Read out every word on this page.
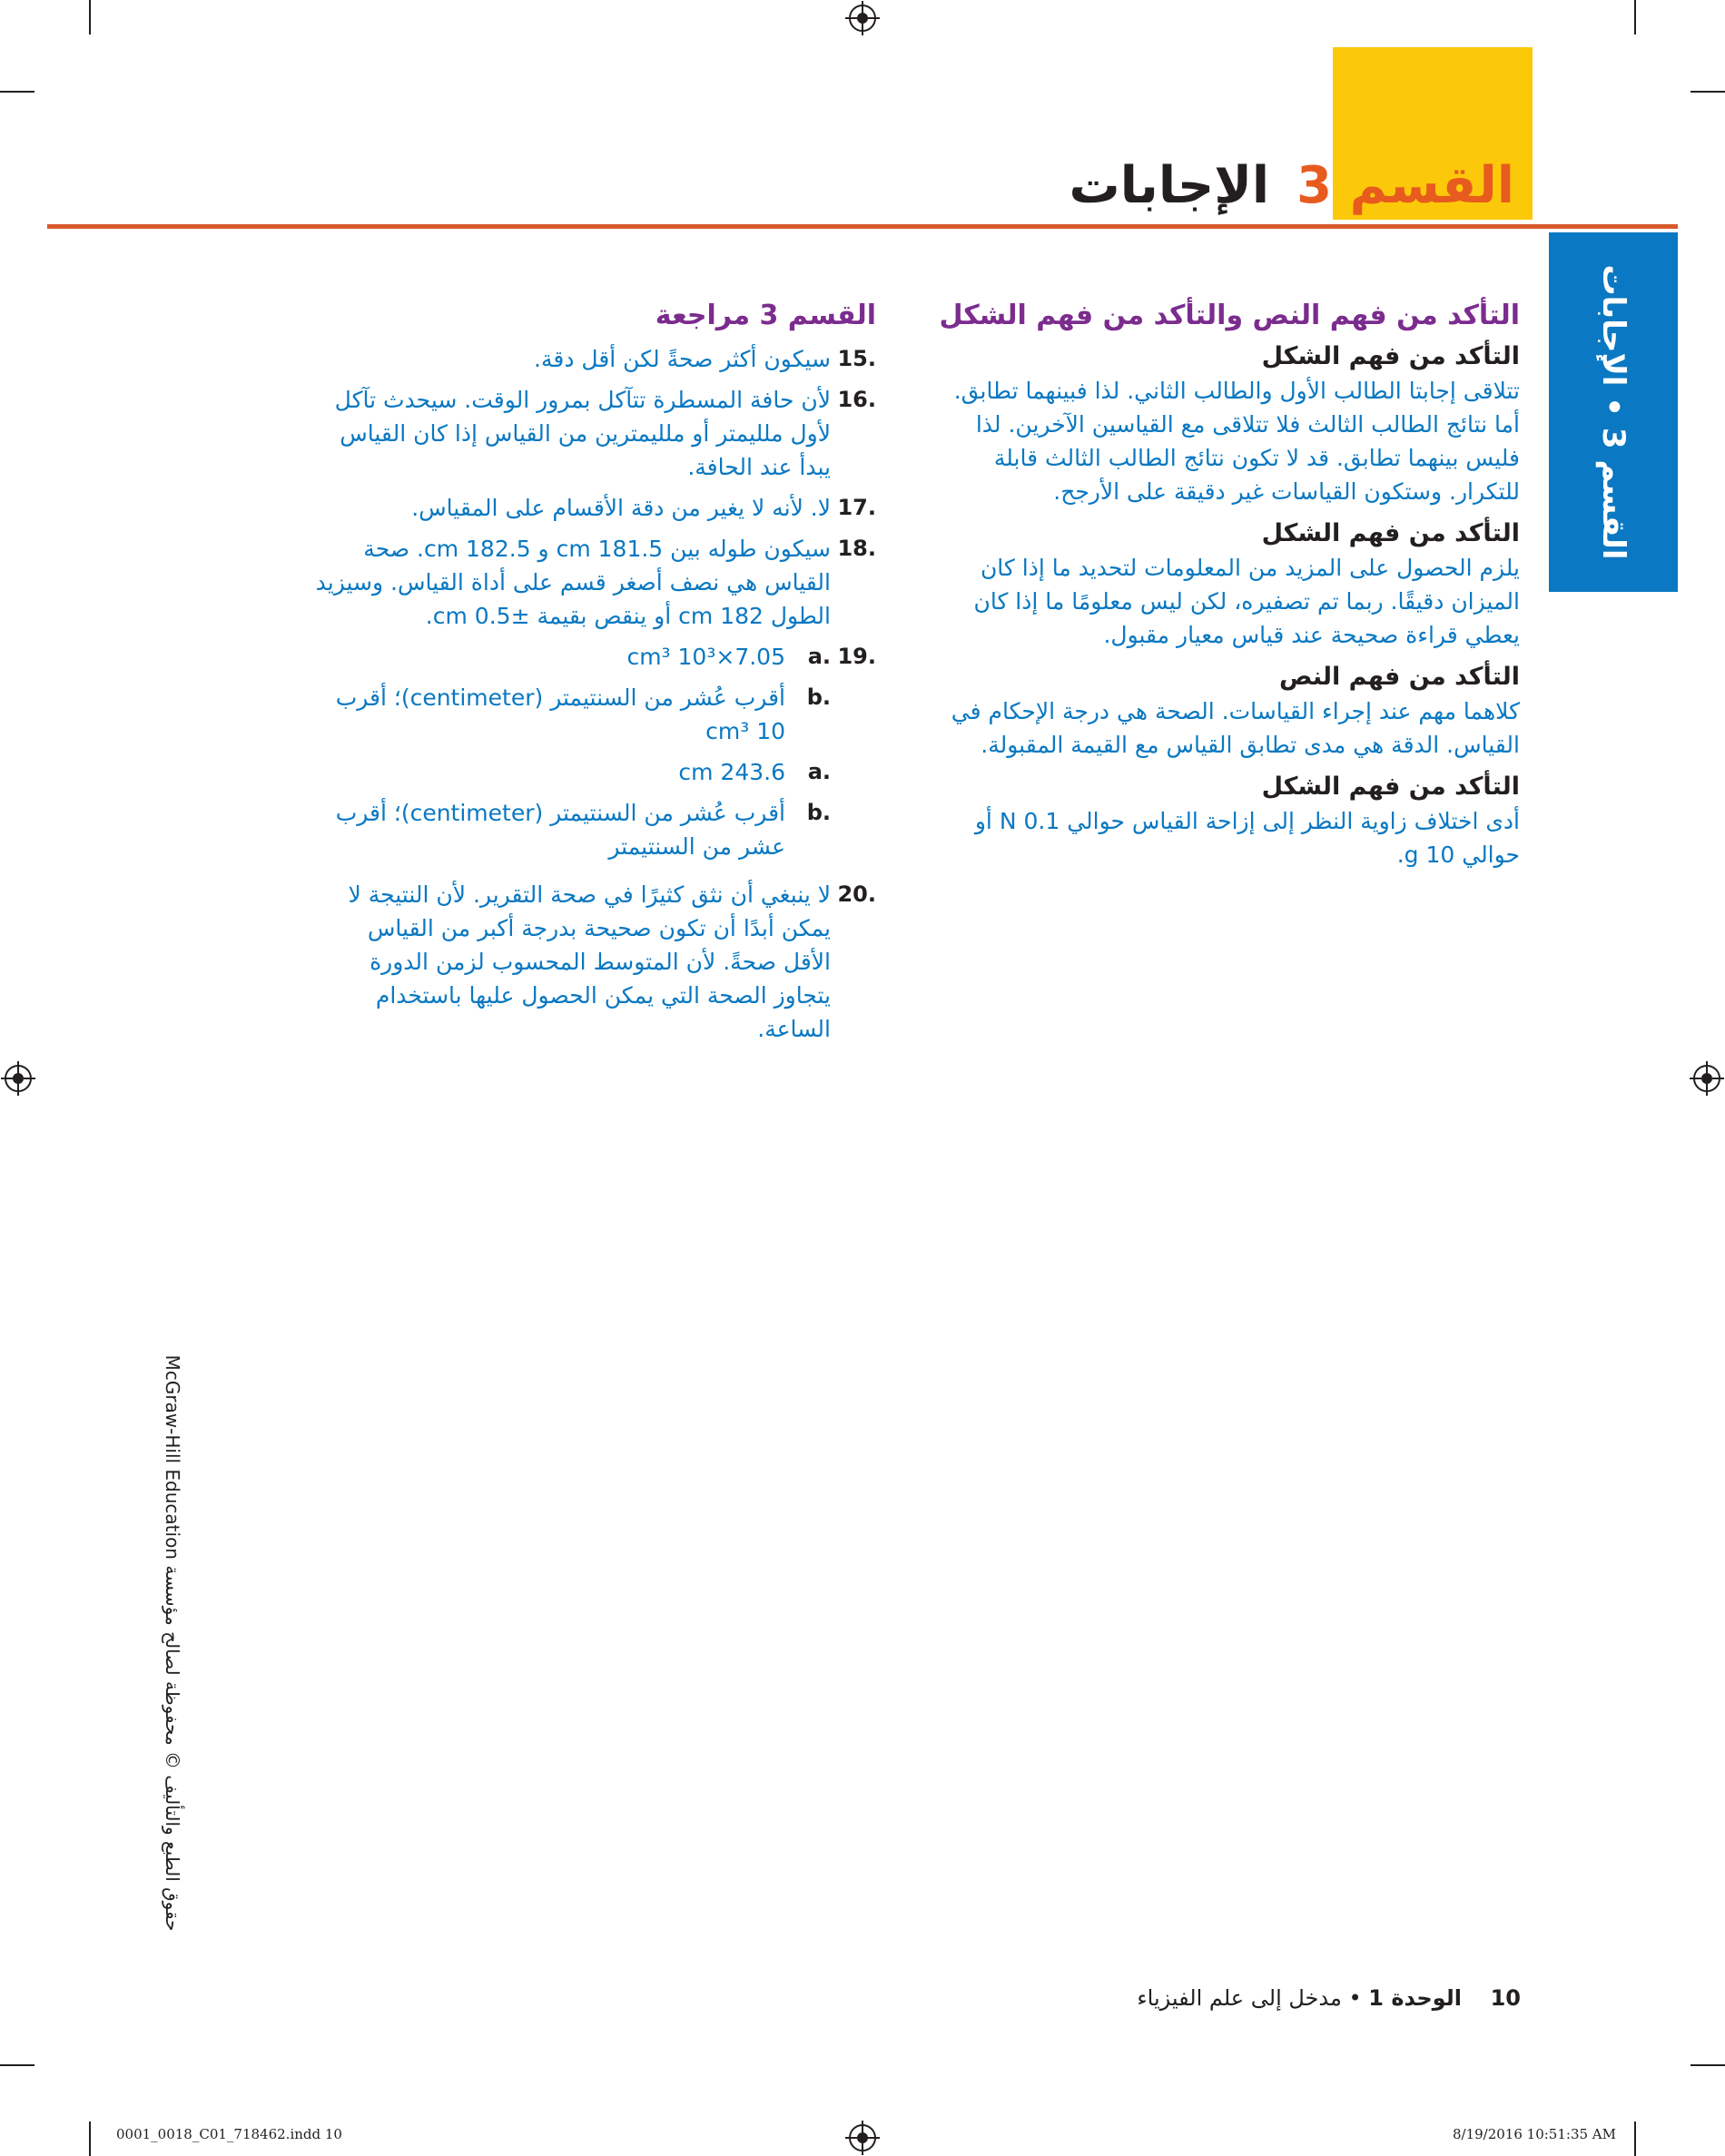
القسم 3الإجابات
القسم 3 • الإجابات
التأكد من فهم النص والتأكد من فهم الشكل
التأكد من فهم الشكل
تتلاقى إجابتا الطالب الأول والطالب الثاني. لذا فبينهما تطابق. أما نتائج الطالب الثالث فلا تتلاقى مع القياسين الآخرين. لذا فليس بينهما تطابق. قد لا تكون نتائج الطالب الثالث قابلة للتكرار. وستكون القياسات غير دقيقة على الأرجح.
التأكد من فهم الشكل
يلزم الحصول على المزيد من المعلومات لتحديد ما إذا كان الميزان دقيقًا. ربما تم تصفيره، لكن ليس معلومًا ما إذا كان يعطي قراءة صحيحة عند قياس معيار مقبول.
التأكد من فهم النص
كلاهما مهم عند إجراء القياسات. الصحة هي درجة الإحكام في القياس. الدقة هي مدى تطابق القياس مع القيمة المقبولة.
التأكد من فهم الشكل
أدى اختلاف زاوية النظر إلى إزاحة القياس حوالي 0.1 N أو حوالي 10 g.
القسم 3 مراجعة
15.
سيكون أكثر صحةً لكن أقل دقة.
16.
لأن حافة المسطرة تتآكل بمرور الوقت. سيحدث تآكل لأول ملليمتر أو ملليمترين من القياس إذا كان القياس يبدأ عند الحافة.
17.
لا. لأنه لا يغير من دقة الأقسام على المقياس.
18.
سيكون طوله بين 181.5 cm و 182.5 cm. صحة القياس هي نصف أصغر قسم على أداة القياس. وسيزيد الطول 182 cm أو ينقص بقيمة ±0.5 cm.
19.
a.
7.05×10³ cm³
b.
أقرب عُشر من السنتيمتر (centimeter)؛ أقرب 10 cm³
a.
243.6 cm
b.
أقرب عُشر من السنتيمتر (centimeter)؛ أقرب عشر من السنتيمتر
20.
لا ينبغي أن نثق كثيرًا في صحة التقرير. لأن النتيجة لا يمكن أبدًا أن تكون صحيحة بدرجة أكبر من القياس الأقل صحةً. لأن المتوسط المحسوب لزمن الدورة يتجاوز الصحة التي يمكن الحصول عليها باستخدام الساعة.
حقوق الطبع والتأليف © محفوظة لصالح مؤسسة McGraw-Hill Education
10 الوحدة 1 • مدخل إلى علم الفيزياء
0001_0018_C01_718462.indd 10	8/19/2016 10:51:35 AM
